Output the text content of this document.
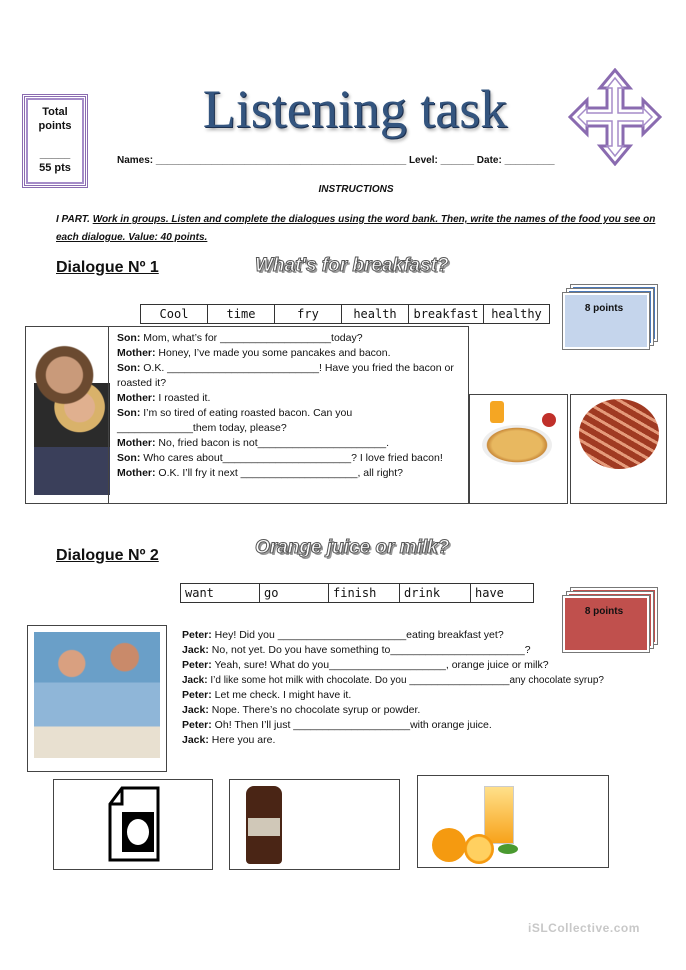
Total
points
_____
55 pts
Listening task
Names: _____________________________________________ Level: ______ Date: _________
INSTRUCTIONS
I PART. Work in groups. Listen and complete the dialogues using the word bank. Then, write the names of the food you see on each dialogue. Value: 40 points.
Dialogue Nº 1	What's for breakfast?
Cool	time	fry	health	breakfast	healthy	8 points
Son: Mom, what’s for ___________________today?
Mother: Honey, I’ve made you some pancakes and bacon.
Son: O.K. __________________________! Have you fried the bacon or roasted it?
Mother: I roasted it.
Son: I’m so tired of eating roasted bacon. Can you _____________them today, please?
Mother: No, fried bacon is not______________________.
Son: Who cares about______________________? I love fried bacon!
Mother: O.K. I’ll fry it next ____________________, all right?
Dialogue Nº 2	Orange juice or milk?
want	go	finish	drink	have
8 points
Peter: Hey! Did you ______________________eating breakfast yet?
Jack: No, not yet. Do you have something to_______________________?
Peter: Yeah, sure! What do you____________________, orange juice or milk?
Jack: I’d like some hot milk with chocolate. Do you __________________any chocolate syrup?
Peter: Let me check. I might have it.
Jack: Nope. There’s no chocolate syrup or powder.
Peter: Oh! Then I’ll just ____________________with orange juice.
Jack: Here you are.
iSLCollective.com
